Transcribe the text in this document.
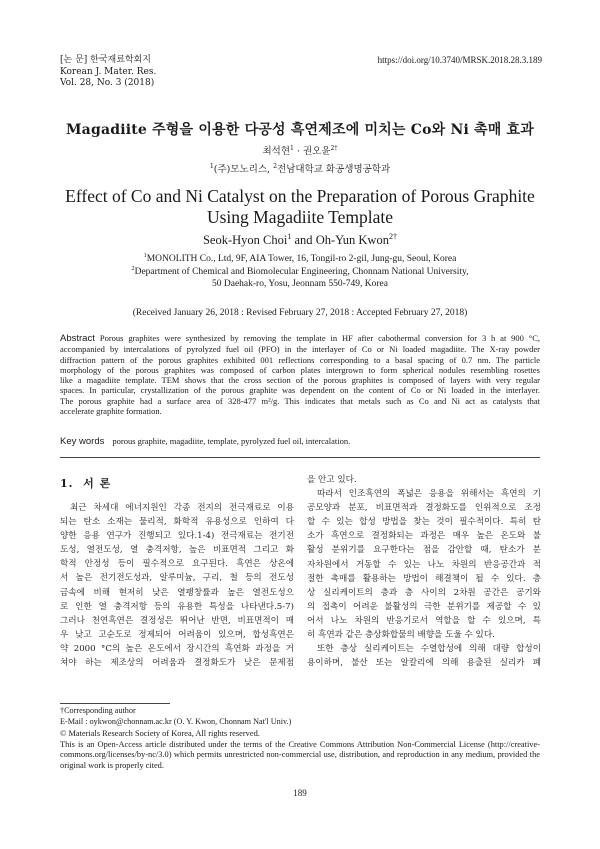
[논 문] 한국재료학회지
Korean J. Mater. Res.
Vol. 28, No. 3 (2018)
https://doi.org/10.3740/MRSK.2018.28.3.189
Magadiite 주형을 이용한 다공성 흑연제조에 미치는 Co와 Ni 촉매 효과
최석현$^1$ · 권오윤$^{2\dagger}$
$^1$(주)모노리스, $^2$전남대학교 화공생명공학과
Effect of Co and Ni Catalyst on the Preparation of Porous Graphite
Using Magadiite Template
Seok-Hyon Choi$^1$ and Oh-Yun Kwon$^{2\dagger}$
$^1$MONOLITH Co., Ltd, 9F, AIA Tower, 16, Tongil-ro 2-gil, Jung-gu, Seoul, Korea
$^2$Department of Chemical and Biomolecular Engineering, Chonnam National University,
50 Daehak-ro, Yosu, Jeonnam 550-749, Korea
(Received January 26, 2018 : Revised February 27, 2018 : Accepted February 27, 2018)
Abstract Porous graphites were synthesized by removing the template in HF after cabothermal conversion for 3 h at 900 °C,
accompanied by intercalations of pyrolyzed fuel oil (PFO) in the interlayer of Co or Ni loaded magadiite. The X-ray powder
diffraction pattern of the porous graphites exhibited 001 reflections corresponding to a basal spacing of 0.7 nm. The particle
morphology of the porous graphites was composed of carbon plates intergrown to form spherical nodules resembling rosettes
like a magadiite template. TEM shows that the cross section of the porous graphites is composed of layers with very regular
spaces. In particular, crystallization of the porous graphite was dependent on the content of Co or Ni loaded in the interlayer.
The porous graphite had a surface area of 328-477 m²/g. This indicates that metals such as Co and Ni act as catalysts that
accelerate graphite formation.
Key words porous graphite, magadiite, template, pyrolyzed fuel oil, intercalation.
1. 서 론
최근 차세대 에너지원인 각종 전지의 전극재료로 이용
되는 탄소 소재는 물리적, 화학적 유용성으로 인하여 다
양한 응용 연구가 진행되고 있다.1-4) 전극재료는 전기전
도성, 열전도성, 열 충격저항, 높은 비표면적 그리고 화
학적 안정성 등이 필수적으로 요구된다. 흑연은 상온에
서 높은 전기전도성과, 알루미늄, 구리, 철 등의 전도성
금속에 비해 현저히 낮은 열팽창률과 높은 열전도성으
로 인한 열 충격저항 등의 유용한 특성을 나타낸다.5-7)
그러나 천연흑연은 결정성은 뛰어난 반면, 비표면적이 매
우 낮고 고순도로 정제되어 어려움이 있으며, 합성흑연은
약 2000 °C의 높은 온도에서 장시간의 흑연화 과정을 거
쳐야 하는 제조상의 어려움과 결정화도가 낮은 문제점
을 안고 있다.
따라서 인조흑연의 폭넓은 응용을 위해서는 흑연의 기
공모양과 분포, 비표면적과 결정화도를 인위적으로 조정
할 수 있는 합성 방법을 찾는 것이 필수적이다. 특히 탄
소가 흑연으로 결정화되는 과정은 매우 높은 온도와 불
활성 분위기를 요구한다는 점을 감안할 때, 탄소가 분
자차원에서 거동할 수 있는 나노 차원의 반응공간과 적
절한 촉매를 활용하는 방법이 해결책이 될 수 있다. 층
상 실리케이트의 층과 층 사이의 2차원 공간은 공기와
의 접촉이 어려운 불활성의 극한 분위기를 제공할 수 있
어서 나노 차원의 반응기로서 역할을 할 수 있으며, 특
히 흑연과 같은 층상화합물의 배향을 도울 수 있다.
또한 층상 실리케이트는 수열합성에 의해 대량 합성이
용이하며, 불산 또는 알칼리에 의해 용출된 실리카 폐
†Corresponding author
E-Mail : oykwon@chonnam.ac.kr (O. Y. Kwon, Chonnam Nat'l Univ.)
© Materials Research Society of Korea, All rights reserved.
This is an Open-Access article distributed under the terms of the Creative Commons Attribution Non-Commercial License (http://creative-
commons.org/licenses/by-nc/3.0) which permits unrestricted non-commercial use, distribution, and reproduction in any medium, provided the
original work is properly cited.
189
